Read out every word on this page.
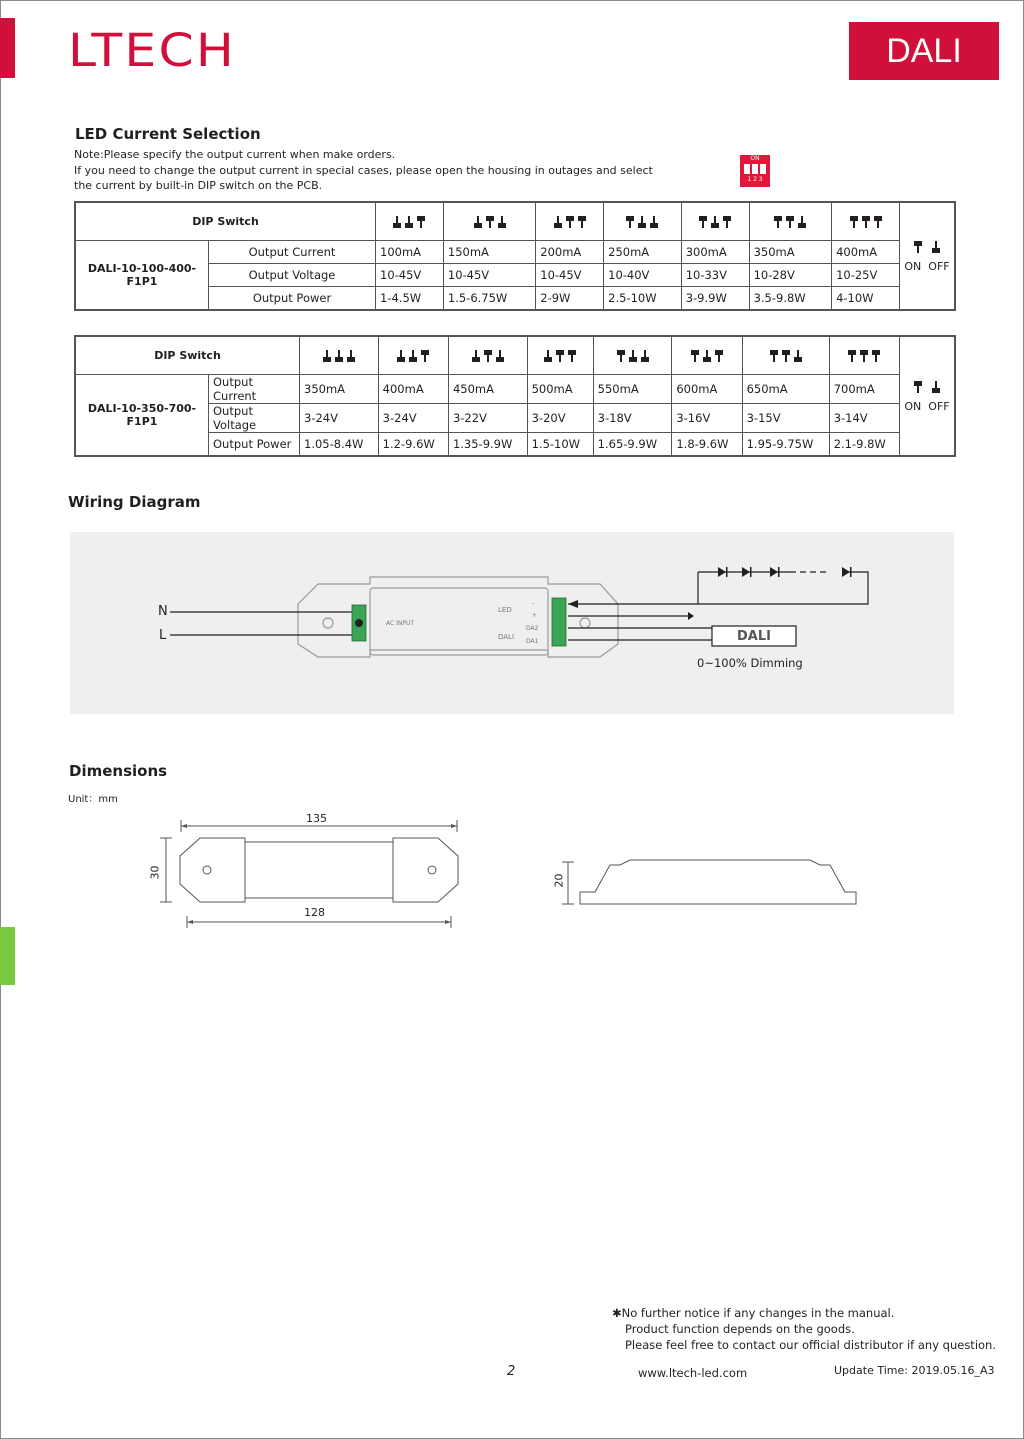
LTECH	DALI
LED Current Selection
Note:Please specify the output current when make orders.
If you need to change the output current in special cases, please open the housing in outages and select
the current by built-in DIP switch on the PCB.
ON
1 2 3
DIP Switch									ON OFF

DALI-10-100-400-F1P1	Output Current	100mA	150mA	200mA	250mA	300mA	350mA	400mA	
	Output Voltage	10-45V	10-45V	10-45V	10-40V	10-33V	10-28V	10-25V	
	Output Power	1-4.5W	1.5-6.75W	2-9W	2.5-10W	3-9.9W	3.5-9.8W	4-10W	
DIP Switch										ON OFF

DALI-10-350-700-F1P1	Output Current	350mA	400mA	450mA	500mA	550mA	600mA	650mA	700mA	
	Output Voltage	3-24V	3-24V	3-22V	3-20V	3-18V	3-16V	3-15V	3-14V	
	Output Power	1.05-8.4W	1.2-9.6W	1.35-9.9W	1.5-10W	1.65-9.9W	1.8-9.6W	1.95-9.75W	2.1-9.8W	
Wiring Diagram
N
L
AC INPUT
LED
DALI
-
+
DA2
DA1	DALI
0~100% Dimming
Dimensions
Unit：mm
135
128
30
20
✱No further notice if any changes in the manual.
Product function depends on the goods.
Please feel free to contact our official distributor if any question.
2	www.ltech-led.com	Update Time: 2019.05.16_A3
